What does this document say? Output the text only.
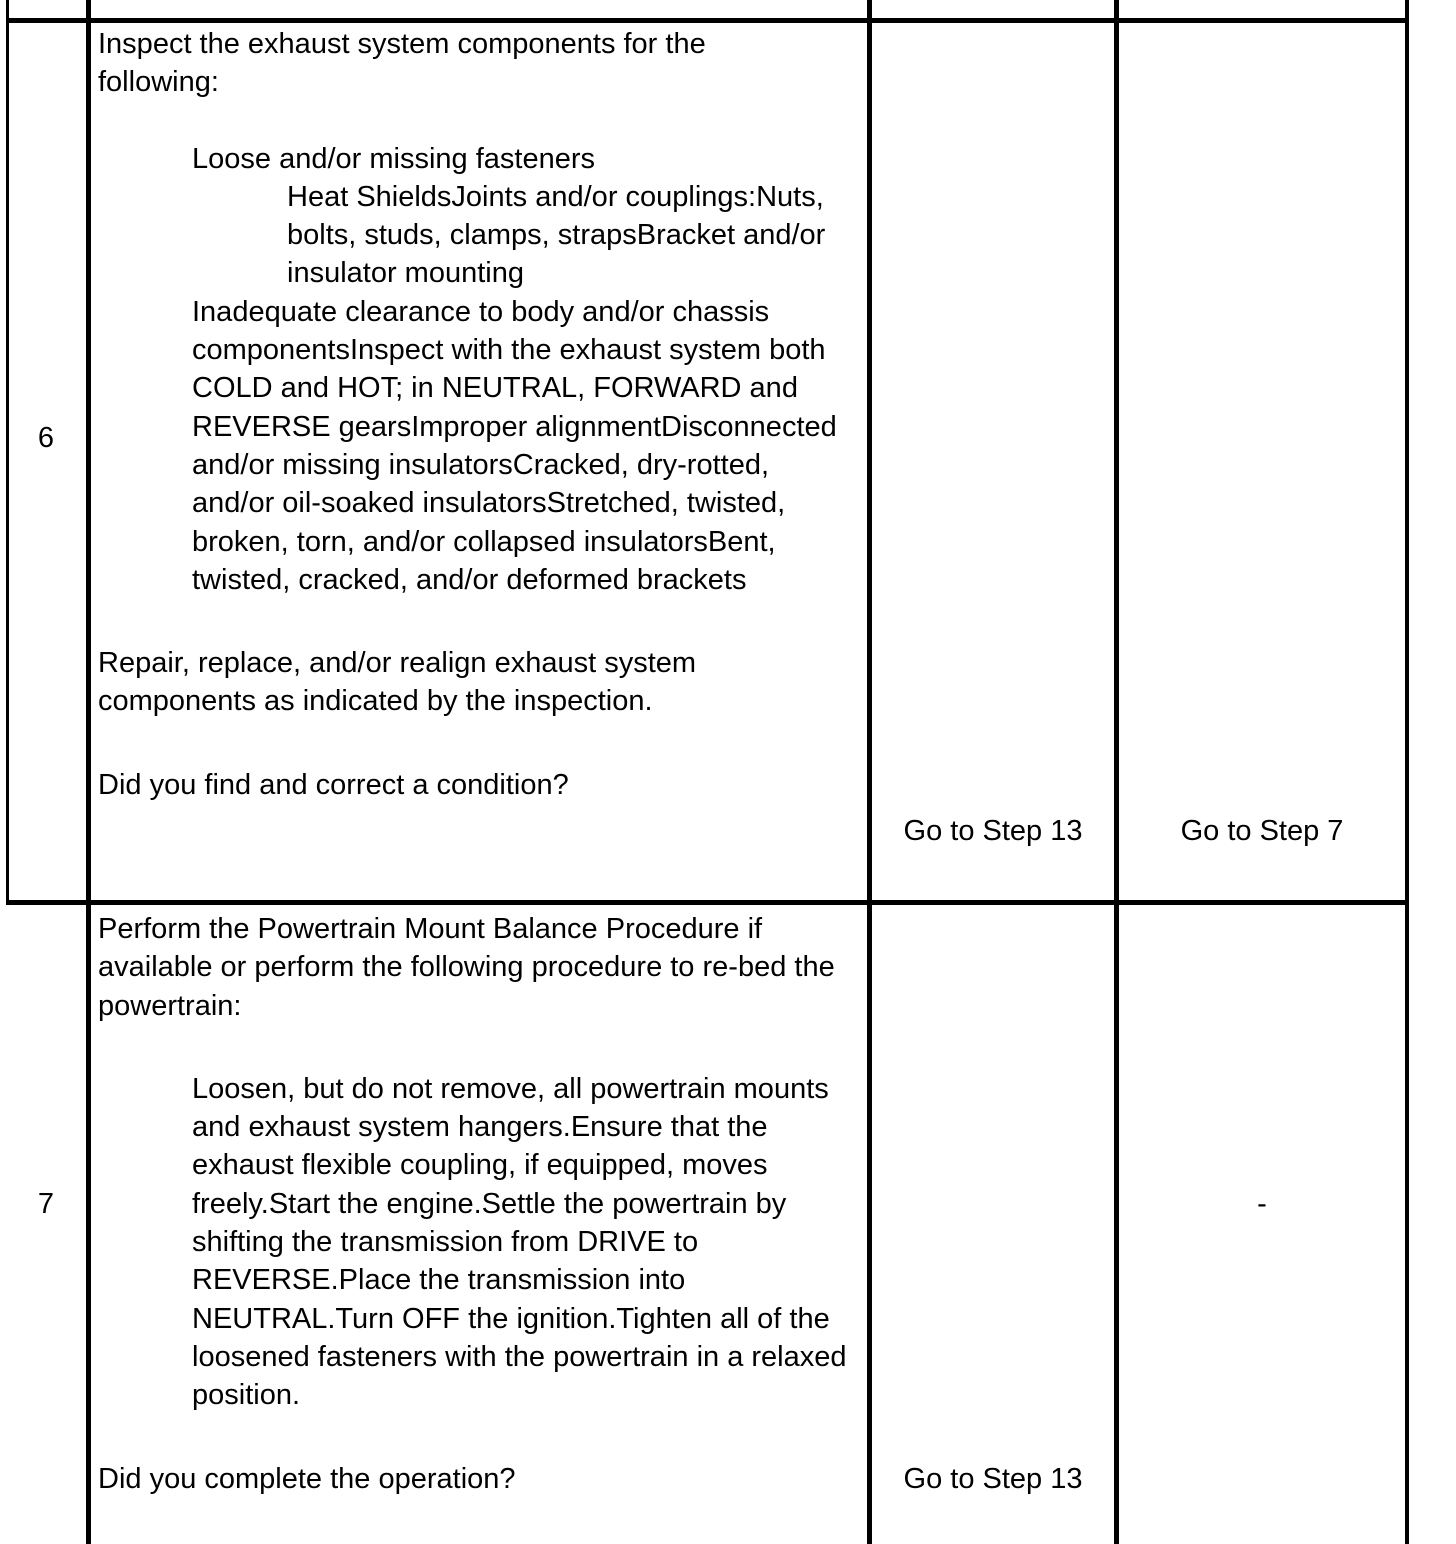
6

Inspect the exhaust system components for the following:

Loose and/or missing fasteners

Heat ShieldsJoints and/or couplings:Nuts, bolts, studs, clamps, strapsBracket and/or insulator mounting

Inadequate clearance to body and/or chassis componentsInspect with the exhaust system both COLD and HOT; in NEUTRAL, FORWARD and REVERSE gearsImproper alignmentDisconnected and/or missing insulatorsCracked, dry-rotted, and/or oil-soaked insulatorsStretched, twisted, broken, torn, and/or collapsed insulatorsBent, twisted, cracked, and/or deformed brackets

Repair, replace, and/or realign exhaust system components as indicated by the inspection.

Did you find and correct a condition?

Go to Step 13	Go to Step 7
7

Perform the Powertrain Mount Balance Procedure if available or perform the following procedure to re-bed the powertrain:

Loosen, but do not remove, all powertrain mounts and exhaust system hangers.Ensure that the exhaust flexible coupling, if equipped, moves freely.Start the engine.Settle the powertrain by shifting the transmission from DRIVE to REVERSE.Place the transmission into NEUTRAL.Turn OFF the ignition.Tighten all of the loosened fasteners with the powertrain in a relaxed position.

Did you complete the operation?	Go to Step 13
-
